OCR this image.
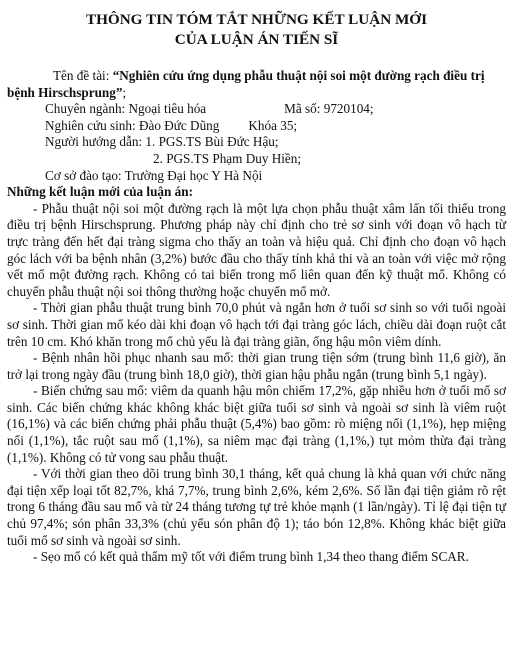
THÔNG TIN TÓM TẮT NHỮNG KẾT LUẬN MỚI
CỦA LUẬN ÁN TIẾN SĨ

Tên đề tài: “Nghiên cứu ứng dụng phẫu thuật nội soi một đường rạch điều trị bệnh Hirschsprung”;

Chuyên ngành: Ngoại tiêu hóa	Mã số: 9720104;

Nghiên cứu sinh: Đào Đức Dũng Khóa 35;

Người hướng dẫn: 1. PGS.TS Bùi Đức Hậu;

2. PGS.TS Phạm Duy Hiền;

Cơ sở đào tạo: Trường Đại học Y Hà Nội

Những kết luận mới của luận án:

- Phẫu thuật nội soi một đường rạch là một lựa chọn phẫu thuật xâm lấn tối thiểu trong điều trị bệnh Hirschsprung. Phương pháp này chỉ định cho trẻ sơ sinh với đoạn vô hạch từ trực tràng đến hết đại tràng sigma cho thấy an toàn và hiệu quả. Chỉ định cho đoạn vô hạch góc lách với ba bệnh nhân (3,2%) bước đầu cho thấy tính khả thi và an toàn với việc mở rộng vết mổ một đường rạch. Không có tai biến trong mổ liên quan đến kỹ thuật mổ. Không có chuyển phẫu thuật nội soi thông thường hoặc chuyển mổ mở.

- Thời gian phẫu thuật trung bình 70,0 phút và ngắn hơn ở tuổi sơ sinh so với tuổi ngoài sơ sinh. Thời gian mổ kéo dài khi đoạn vô hạch tới đại tràng góc lách, chiều dài đoạn ruột cắt trên 10 cm. Khó khăn trong mổ chủ yếu là đại tràng giãn, ống hậu môn viêm dính.

- Bệnh nhân hồi phục nhanh sau mổ: thời gian trung tiện sớm (trung bình 11,6 giờ), ăn trở lại trong ngày đầu (trung bình 18,0 giờ), thời gian hậu phẫu ngắn (trung bình 5,1 ngày).

- Biến chứng sau mổ: viêm da quanh hậu môn chiếm 17,2%, gặp nhiều hơn ở tuổi mổ sơ sinh. Các biến chứng khác không khác biệt giữa tuổi sơ sinh và ngoài sơ sinh là viêm ruột (16,1%) và các biến chứng phải phẫu thuật (5,4%) bao gồm: rò miệng nối (1,1%), hẹp miệng nối (1,1%), tắc ruột sau mổ (1,1%), sa niêm mạc đại tràng (1,1%,) tụt mỏm thừa đại tràng (1,1%). Không có tử vong sau phẫu thuật.

- Với thời gian theo dõi trung bình 30,1 tháng, kết quả chung là khả quan với chức năng đại tiện xếp loại tốt 82,7%, khá 7,7%, trung bình 2,6%, kém 2,6%. Số lần đại tiện giảm rõ rệt trong 6 tháng đầu sau mổ và từ 24 tháng tương tự trẻ khỏe mạnh (1 lần/ngày). Tỉ lệ đại tiện tự chủ 97,4%; són phân 33,3% (chủ yếu són phân độ 1); táo bón 12,8%. Không khác biệt giữa tuổi mổ sơ sinh và ngoài sơ sinh.

- Sẹo mổ có kết quả thẩm mỹ tốt với điểm trung bình 1,34 theo thang điểm SCAR.
